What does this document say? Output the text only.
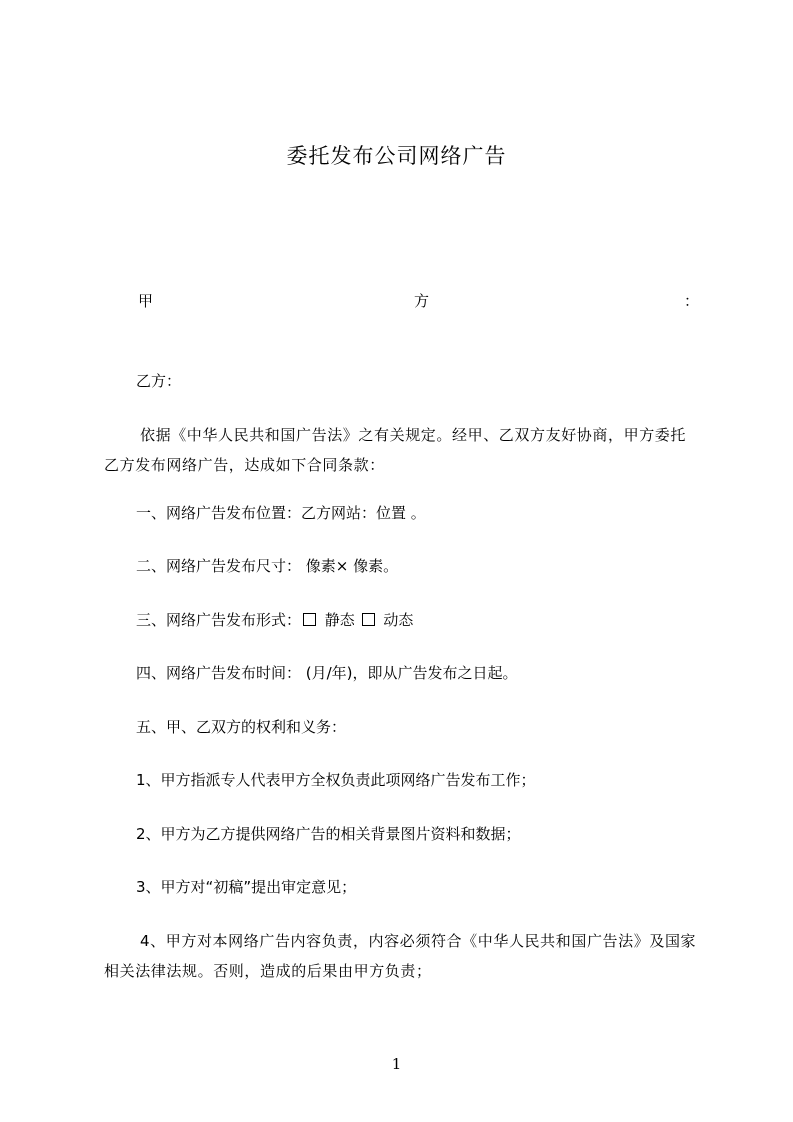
委托发布公司网络广告
甲	方	：
乙方：
依据《中华人民共和国广告法》之有关规定。经甲、乙双方友好协商，甲方委托
乙方发布网络广告，达成如下合同条款：
一、网络广告发布位置：乙方网站：位置 。
二、网络广告发布尺寸： 像素× 像素。
三、网络广告发布形式： 静态 动态
四、网络广告发布时间： (月/年)，即从广告发布之日起。
五、甲、乙双方的权利和义务：
1、甲方指派专人代表甲方全权负责此项网络广告发布工作；
2、甲方为乙方提供网络广告的相关背景图片资料和数据；
3、甲方对“初稿”提出审定意见；
4、甲方对本网络广告内容负责，内容必须符合《中华人民共和国广告法》及国家
相关法律法规。否则，造成的后果由甲方负责；
1
